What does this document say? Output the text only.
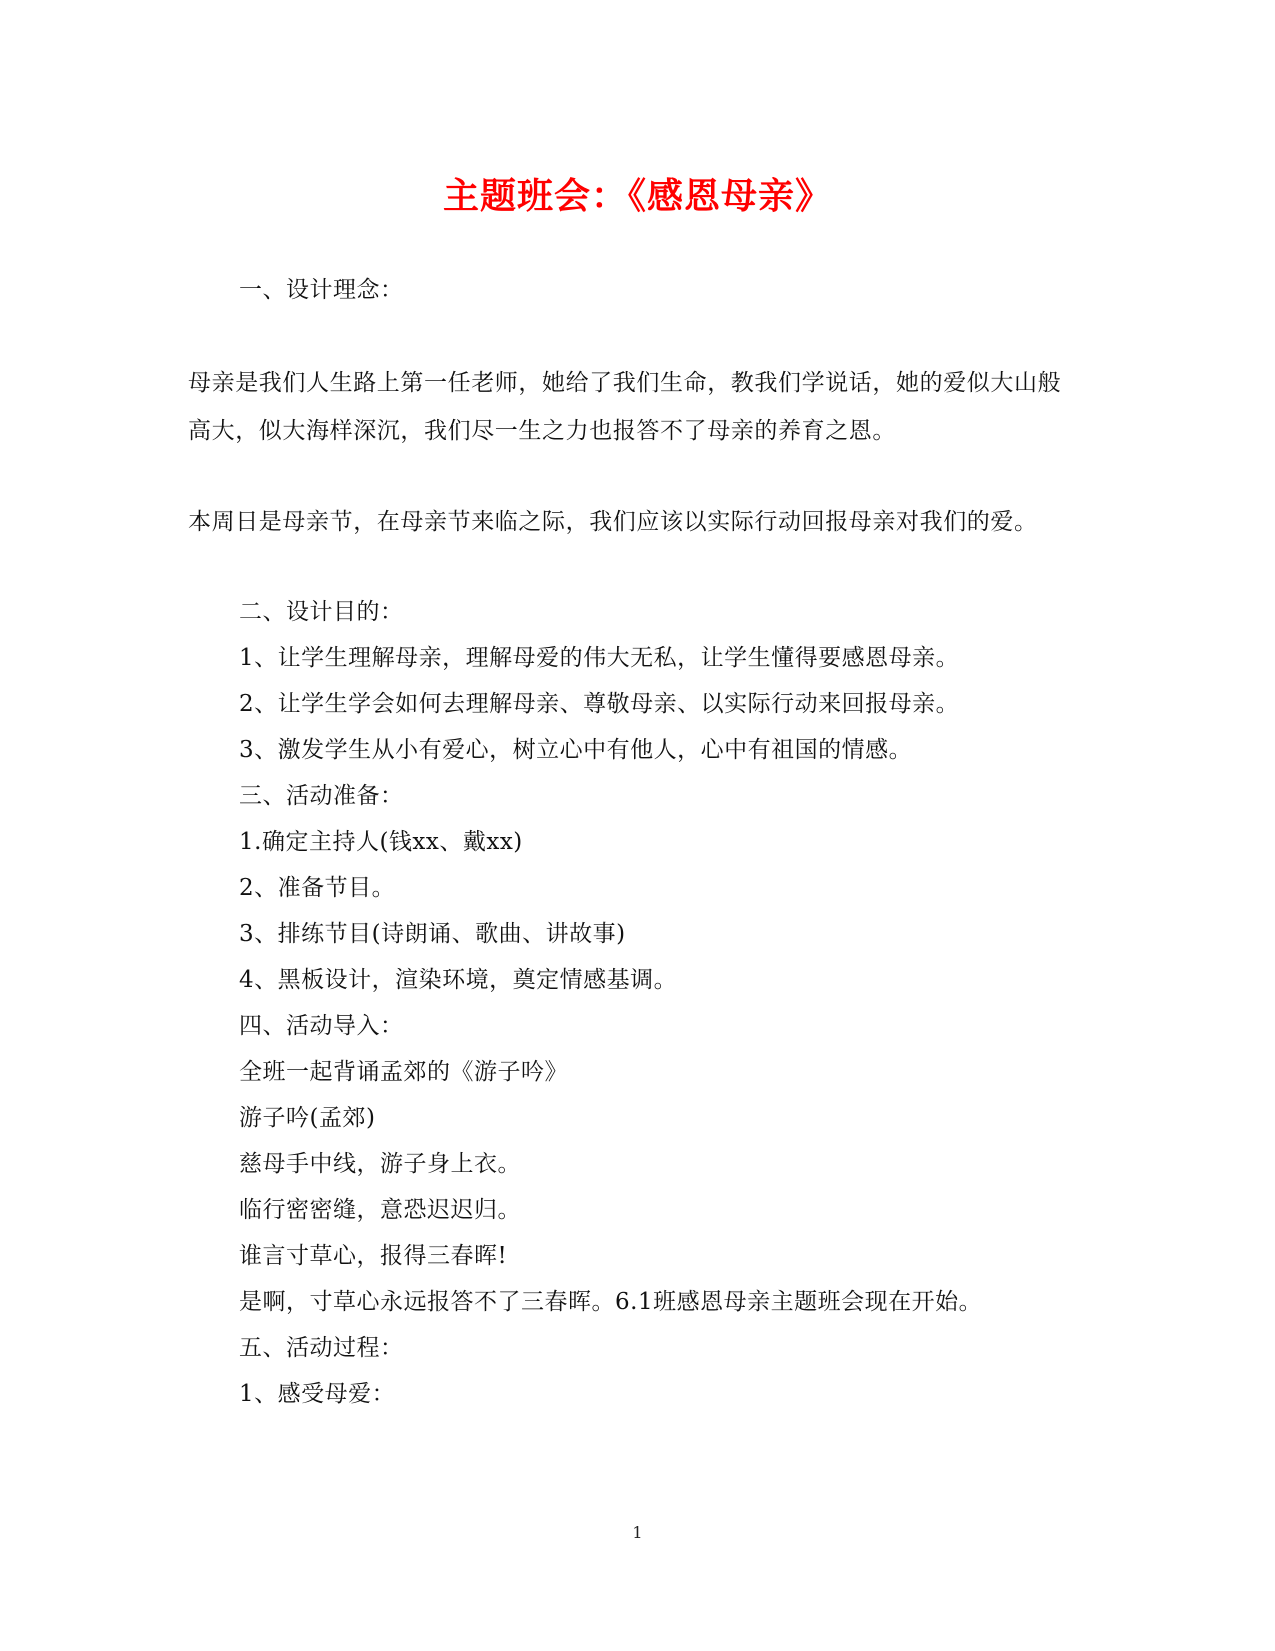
主题班会：《感恩母亲》
一、设计理念：
母亲是我们人生路上第一任老师，她给了我们生命，教我们学说话，她的爱似大山般高大，似大海样深沉，我们尽一生之力也报答不了母亲的养育之恩。
本周日是母亲节，在母亲节来临之际，我们应该以实际行动回报母亲对我们的爱。
二、设计目的：
1、让学生理解母亲，理解母爱的伟大无私，让学生懂得要感恩母亲。
2、让学生学会如何去理解母亲、尊敬母亲、以实际行动来回报母亲。
3、激发学生从小有爱心，树立心中有他人，心中有祖国的情感。
三、活动准备：
1.确定主持人(钱xx、戴xx)
2、准备节目。
3、排练节目(诗朗诵、歌曲、讲故事)
4、黑板设计，渲染环境，奠定情感基调。
四、活动导入：
全班一起背诵孟郊的《游子吟》
游子吟(孟郊)
慈母手中线，游子身上衣。
临行密密缝，意恐迟迟归。
谁言寸草心，报得三春晖!
是啊，寸草心永远报答不了三春晖。6.1班感恩母亲主题班会现在开始。
五、活动过程：
1、感受母爱：
1
